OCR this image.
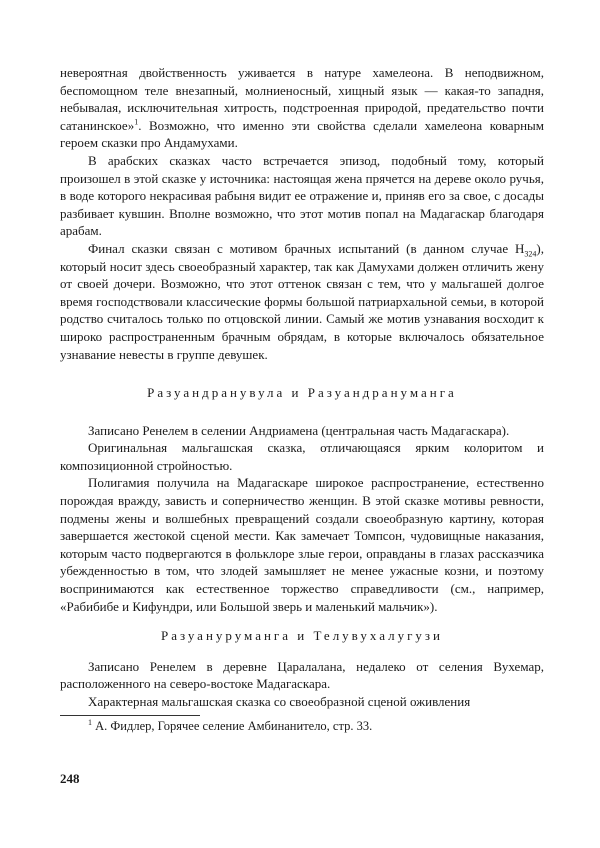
невероятная двойственность уживается в натуре хамелеона. В неподвижном, беспомощном теле внезапный, молниеносный, хищный язык — какая-то западня, небывалая, исключительная хитрость, подстроенная природой, предательство почти сатанинское»$^1$. Возможно, что именно эти свойства сделали хамелеона коварным героем сказки про Андамухами.

В арабских сказках часто встречается эпизод, подобный тому, который произошел в этой сказке у источника: настоящая жена прячется на дереве около ручья, в воде которого некрасивая рабыня видит ее отражение и, приняв его за свое, с досады разбивает кувшин. Вполне возможно, что этот мотив попал на Мадагаскар благодаря арабам.

Финал сказки связан с мотивом брачных испытаний (в данном случае $Н_{324}$), который носит здесь своеобразный характер, так как Дамухами должен отличить жену от своей дочери. Возможно, что этот оттенок связан с тем, что у мальгашей долгое время господствовали классические формы большой патриархальной семьи, в которой родство считалось только по отцовской линии. Самый же мотив узнавания восходит к широко распространенным брачным обрядам, в которые включалось обязательное узнавание невесты в группе девушек.

Разуандранувула и Разуандрануманга

Записано Ренелем в селении Андриамена (центральная часть Мадагаскара).

Оригинальная мальгашская сказка, отличающаяся ярким колоритом и композиционной стройностью.

Полигамия получила на Мадагаскаре широкое распространение, естественно порождая вражду, зависть и соперничество женщин. В этой сказке мотивы ревности, подмены жены и волшебных превращений создали своеобразную картину, которая завершается жестокой сценой мести. Как замечает Томпсон, чудовищные наказания, которым часто подвергаются в фольклоре злые герои, оправданы в глазах рассказчика убежденностью в том, что злодей замышляет не менее ужасные козни, и поэтому воспринимаются как естественное торжество справедливости (см., например, «Рабибибе и Кифундри, или Большой зверь и маленький мальчик»).

Разуануруманга и Телувухалугузи

Записано Ренелем в деревне Царалалана, недалеко от селения Вухемар, расположенного на северо-востоке Мадагаскара.

Характерная мальгашская сказка со своеобразной сценой оживления

$^1$ А. Фидлер, Горячее селение Амбинанителo, стр. 33.

248
